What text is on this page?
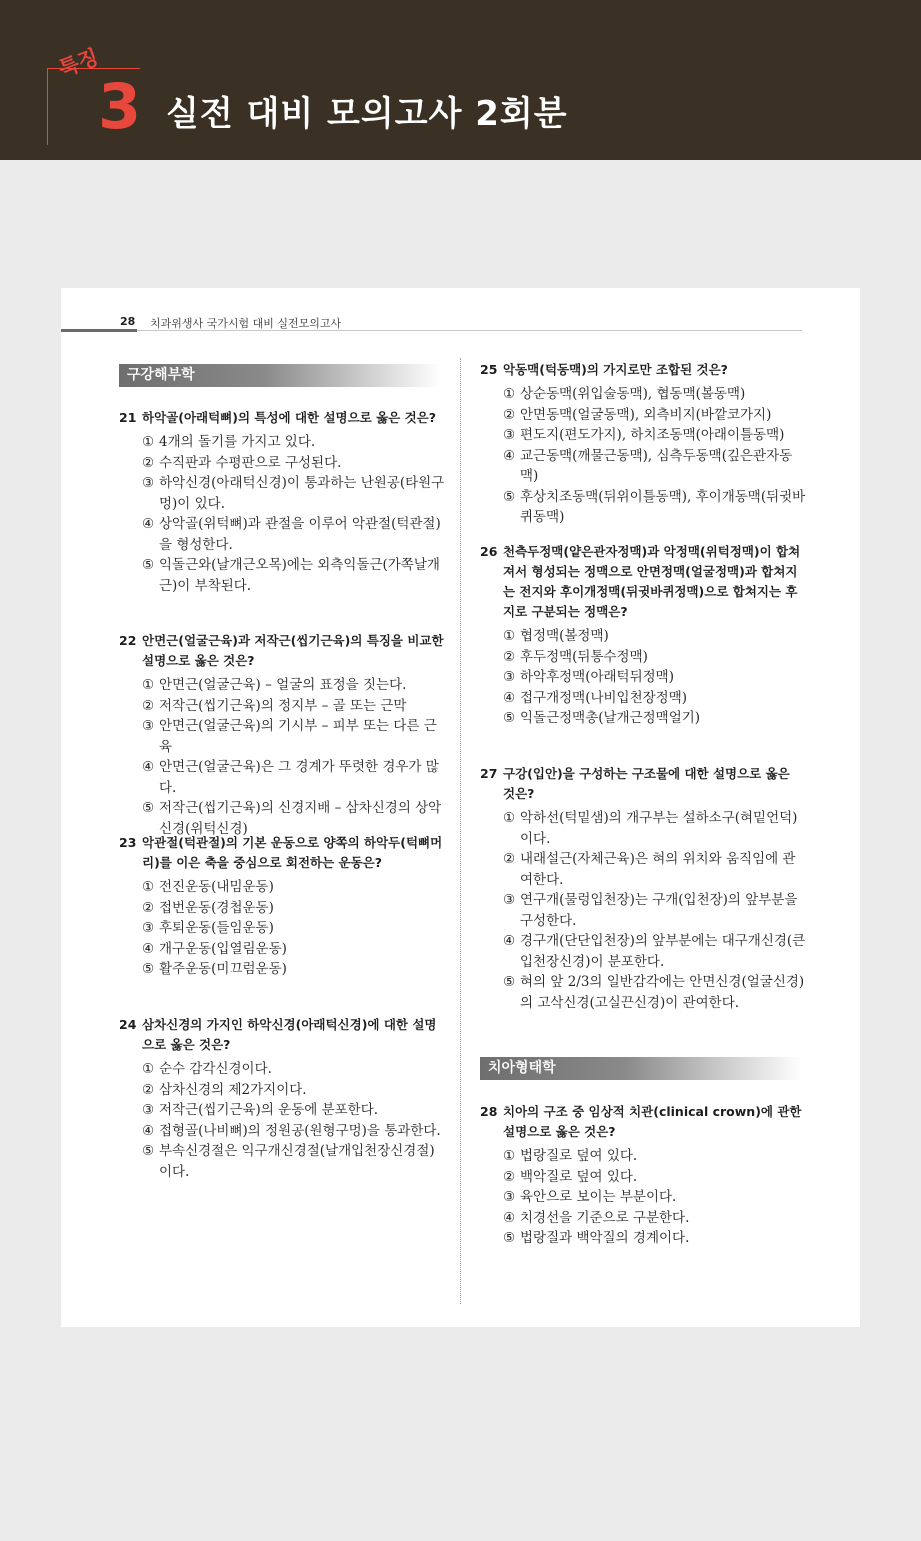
특징
3 실전 대비 모의고사 2회분
28 치과위생사 국가시험 대비 실전모의고사
구강해부학
21 하악골(아래턱뼈)의 특성에 대한 설명으로 옳은 것은?
① 4개의 돌기를 가지고 있다.
② 수직판과 수평판으로 구성된다.
③ 하악신경(아래턱신경)이 통과하는 난원공(타원구멍)이 있다.
④ 상악골(위턱뼈)과 관절을 이루어 악관절(턱관절)을 형성한다.
⑤ 익돌근와(날개근오목)에는 외측익돌근(가쪽날개근)이 부착된다.
22 안면근(얼굴근육)과 저작근(씹기근육)의 특징을 비교한 설명으로 옳은 것은?
① 안면근(얼굴근육) – 얼굴의 표정을 짓는다.
② 저작근(씹기근육)의 정지부 – 골 또는 근막
③ 안면근(얼굴근육)의 기시부 – 피부 또는 다른 근육
④ 안면근(얼굴근육)은 그 경계가 뚜렷한 경우가 많다.
⑤ 저작근(씹기근육)의 신경지배 – 삼차신경의 상악신경(위턱신경)
23 악관절(턱관절)의 기본 운동으로 양쪽의 하악두(턱뼈머리)를 이은 축을 중심으로 회전하는 운동은?
① 전진운동(내밈운동)
② 접번운동(경첩운동)
③ 후퇴운동(들임운동)
④ 개구운동(입열림운동)
⑤ 활주운동(미끄럼운동)
24 삼차신경의 가지인 하악신경(아래턱신경)에 대한 설명으로 옳은 것은?
① 순수 감각신경이다.
② 삼차신경의 제2가지이다.
③ 저작근(씹기근육)의 운동에 분포한다.
④ 접형골(나비뼈)의 정원공(원형구멍)을 통과한다.
⑤ 부속신경절은 익구개신경절(날개입천장신경절)이다.
25 악동맥(턱동맥)의 가지로만 조합된 것은?
① 상순동맥(위입술동맥), 협동맥(볼동맥)
② 안면동맥(얼굴동맥), 외측비지(바깥코가지)
③ 편도지(편도가지), 하치조동맥(아래이틀동맥)
④ 교근동맥(깨물근동맥), 심측두동맥(깊은관자동맥)
⑤ 후상치조동맥(뒤위이틀동맥), 후이개동맥(뒤귓바퀴동맥)
26 천측두정맥(얕은관자정맥)과 악정맥(위턱정맥)이 합쳐져서 형성되는 정맥으로 안면정맥(얼굴정맥)과 합쳐지는 전지와 후이개정맥(뒤귓바퀴정맥)으로 합쳐지는 후지로 구분되는 정맥은?
① 협정맥(볼정맥)
② 후두정맥(뒤통수정맥)
③ 하악후정맥(아래턱뒤정맥)
④ 접구개정맥(나비입천장정맥)
⑤ 익돌근정맥총(날개근정맥얼기)
27 구강(입안)을 구성하는 구조물에 대한 설명으로 옳은 것은?
① 악하선(턱밑샘)의 개구부는 설하소구(혀밑언덕)이다.
② 내래설근(자체근육)은 혀의 위치와 움직임에 관여한다.
③ 연구개(물렁입천장)는 구개(입천장)의 앞부분을 구성한다.
④ 경구개(단단입천장)의 앞부분에는 대구개신경(큰입천장신경)이 분포한다.
⑤ 혀의 앞 2/3의 일반감각에는 안면신경(얼굴신경)의 고삭신경(고실끈신경)이 관여한다.
치아형태학
28 치아의 구조 중 임상적 치관(clinical crown)에 관한 설명으로 옳은 것은?
① 법랑질로 덮여 있다.
② 백악질로 덮여 있다.
③ 육안으로 보이는 부분이다.
④ 치경선을 기준으로 구분한다.
⑤ 법랑질과 백악질의 경계이다.
